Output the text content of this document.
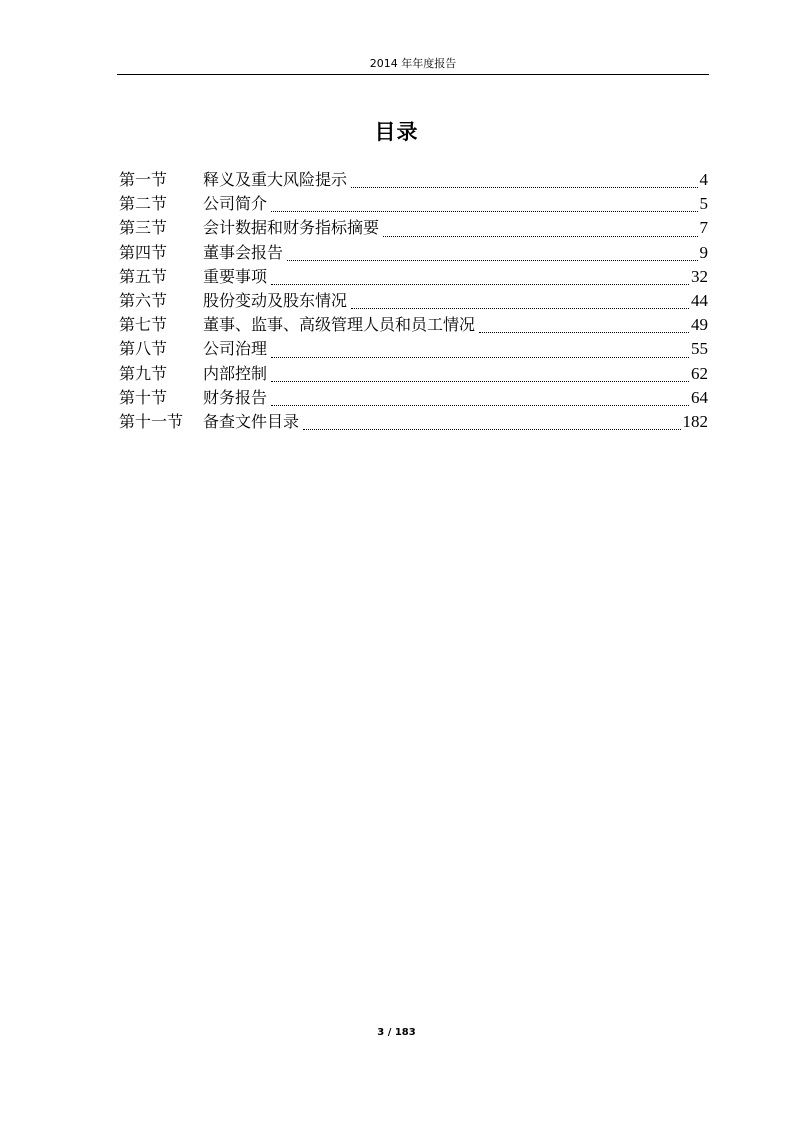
2014 年年度报告
目录
第一节	释义及重大风险提示	4
第二节	公司简介	5
第三节	会计数据和财务指标摘要	7
第四节	董事会报告	9
第五节	重要事项	32
第六节	股份变动及股东情况	44
第七节	董事、监事、高级管理人员和员工情况	49
第八节	公司治理	55
第九节	内部控制	62
第十节	财务报告	64
第十一节	备查文件目录	182
3 / 183
